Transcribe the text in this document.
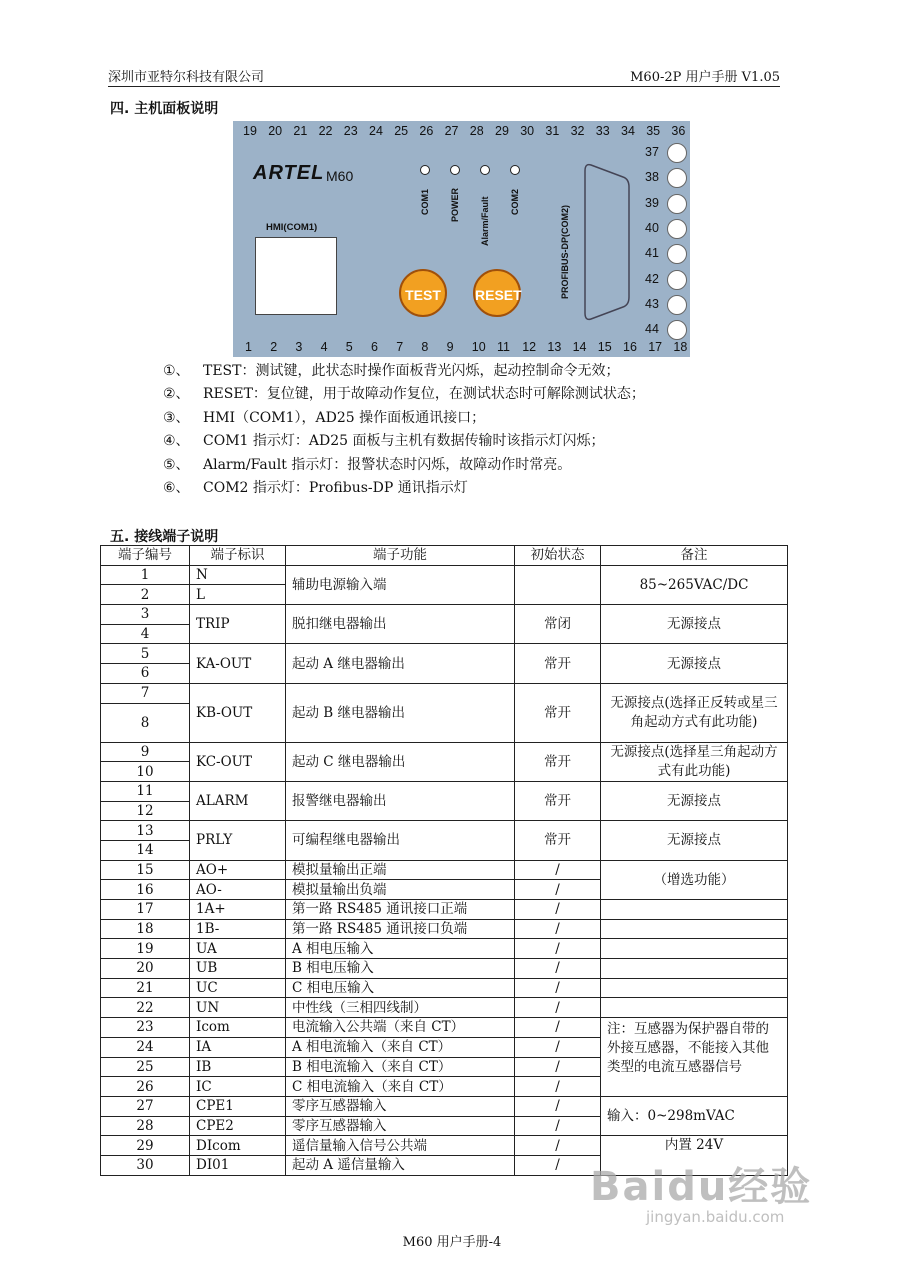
深圳市亚特尔科技有限公司	M60-2P 用户手册 V1.05
四. 主机面板说明
19 20 21 22 23 24 25 26 27 28 29 30 31 32 33 34 35 36
1 2 3 4 5 6 7 8 9 10 11 12 13 14 15 16 17 18
37
38
39
40
41
42
43
44
ARTEL M60
HMI(COM1)
COM1 POWER Alarm/Fault COM2
PROFIBUS-DP(COM2)
TEST	RESET
①、 TEST：测试键，此状态时操作面板背光闪烁，起动控制命令无效；
②、 RESET：复位键，用于故障动作复位，在测试状态时可解除测试状态；
③、 HMI（COM1），AD25 操作面板通讯接口；
④、 COM1 指示灯：AD25 面板与主机有数据传输时该指示灯闪烁；
⑤、 Alarm/Fault 指示灯：报警状态时闪烁，故障动作时常亮。
⑥、 COM2 指示灯：Profibus-DP 通讯指示灯
五. 接线端子说明
端子编号	端子标识	端子功能	初始状态	备注
1	N	辅助电源输入端		85~265VAC/DC
2	L			
3	TRIP	脱扣继电器输出	常闭	无源接点
4				
5	KA-OUT	起动 A 继电器输出	常开	无源接点
6				
7	KB-OUT	起动 B 继电器输出	常开	无源接点(选择正反转或星三角起动方式有此功能)
8				
9	KC-OUT	起动 C 继电器输出	常开	无源接点(选择星三角起动方式有此功能)
10				
11	ALARM	报警继电器输出	常开	无源接点
12				
13	PRLY	可编程继电器输出	常开	无源接点
14				
15	AO+	模拟量输出正端	/	（增选功能）
16	AO-	模拟量输出负端	/	
17	1A+	第一路 RS485 通讯接口正端	/	
18	1B-	第一路 RS485 通讯接口负端	/	
19	UA	A 相电压输入	/	
20	UB	B 相电压输入	/	
21	UC	C 相电压输入	/	
22	UN	中性线（三相四线制）	/	
23	Icom	电流输入公共端（来自 CT）	/	注：互感器为保护器自带的外接互感器，不能接入其他类型的电流互感器信号
24	IA	A 相电流输入（来自 CT）	/	
25	IB	B 相电流输入（来自 CT）	/	
26	IC	C 相电流输入（来自 CT）	/	
27	CPE1	零序互感器输入	/	输入：0~298mVAC
28	CPE2	零序互感器输入	/	
29	DIcom	遥信量输入信号公共端	/	内置 24V
30	DI01	起动 A 遥信量输入	/	
M60 用户手册-4
Baidu经验
jingyan.baidu.com
